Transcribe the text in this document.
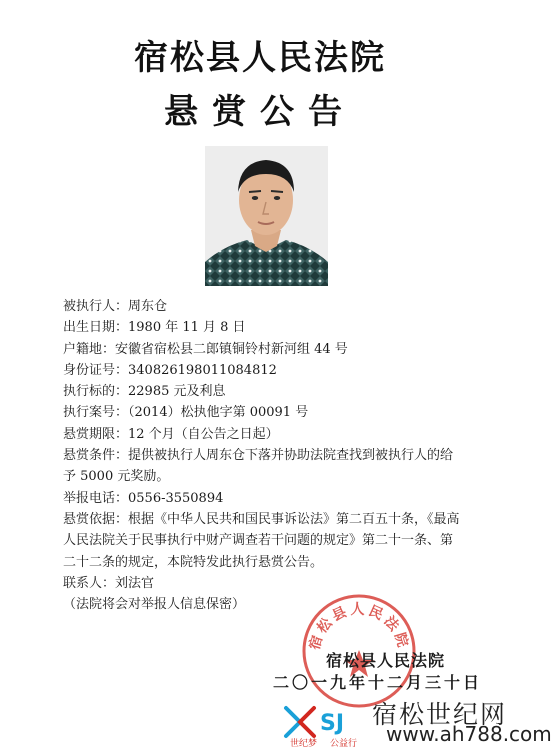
宿松县人民法院
悬赏公告
被执行人：周东仓
出生日期：1980 年 11 月 8 日
户籍地：安徽省宿松县二郎镇铜铃村新河组 44 号
身份证号：340826198011084812
执行标的：22985 元及利息
执行案号：（2014）松执他字第 00091 号
悬赏期限：12 个月（自公告之日起）
悬赏条件：提供被执行人周东仓下落并协助法院查找到被执行人的给予 5000 元奖励。
举报电话：0556-3550894
悬赏依据：根据《中华人民共和国民事诉讼法》第二百五十条，《最高人民法院关于民事执行中财产调查若干问题的规定》第二十一条、第二十二条的规定，本院特发此执行悬赏公告。
联系人：刘法官
（法院将会对举报人信息保密）
宿松县人民法院
宿松县人民法院
二〇一九年十二月三十日
SJ 宿松世纪网
www.ah788.com
世纪梦 公益行
